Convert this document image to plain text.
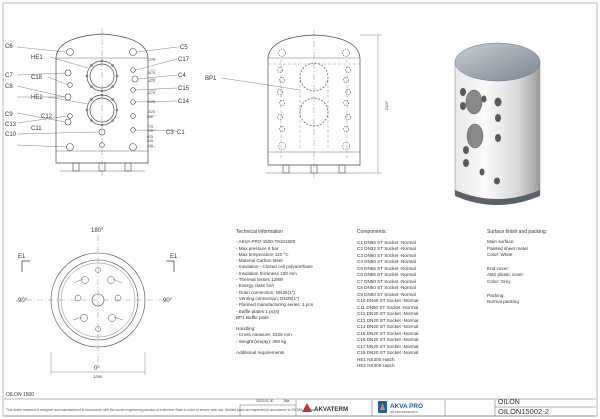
C6
HE1
C7	C18
C8
HE2
C9
C13
C11
C10
C5
C17
C4
C15
C14
C12
C3 C1
1775
1675
1475
1275
1175
1025
950
775
725
625
545
445
BP1
2107
180°
-90°	90°
0°
1250
E1	E1
AKVATERM	AKVA PRO
ON PRO PRODUCTS
Technical information
- AKVA PRO 1500-T9101500
- Max pressure 6 bar
- Max temperature 110 °C
- Material Carbon steel
- Insulation - Closed cell polyurethane
- Insulation thickness 100 mm
- Thermal losses 128W
- Energy class N/A
- Drain connection: DN25(1")
- Venting connection: DN25(1")
- Planned manufacturing series: 1 pcs
- Baffle plates 1 pc(s)
BP1 Baffle plate
Handling:
- Cross measure: 2328 mm
- Weight (empty): 390 kg
Additional requirements
Components:
C1 DN65 ST Socket -Normal
C2 DN32 ST Socket -Normal
C3 DN50 ST Socket -Normal
C4 DN50 ST Socket -Normal
C5 DN65 ST Socket -Normal
C6 DN65 ST Socket -Normal
C7 DN50 ST Socket -Normal
C8 DN50 ST Socket -Normal
C9 DN50 ST Socket -Normal
C10 DN65 ST Socket -Normal
C11 DN50 ST Socket -Normal
C12 DN20 ST Socket -Normal
C13 DN20 ST Socket -Normal
C14 DN20 ST Socket -Normal
C15 DN20 ST Socket -Normal
C16 DN20 ST Socket -Normal
C17 DN20 ST Socket -Normal
C18 DN20 ST Socket -Normal
HE1 NS300 Hatch
HE2 NS300 Hatch
Surface finish and packing:
Main surface:
Painted sheet metal
Color: White
End cover:
ABS plastic cover
Color: Grey
Packing:
Normal packing
OILON 1500
This drawn released is designed and manufactured in accordance with the sound engineering practice of a Member State in order to ensure safe use. Welded joints are inspected in accordance to EN 583. - Class C
2023-01-30	JMa	OILON
OILON15002-2
